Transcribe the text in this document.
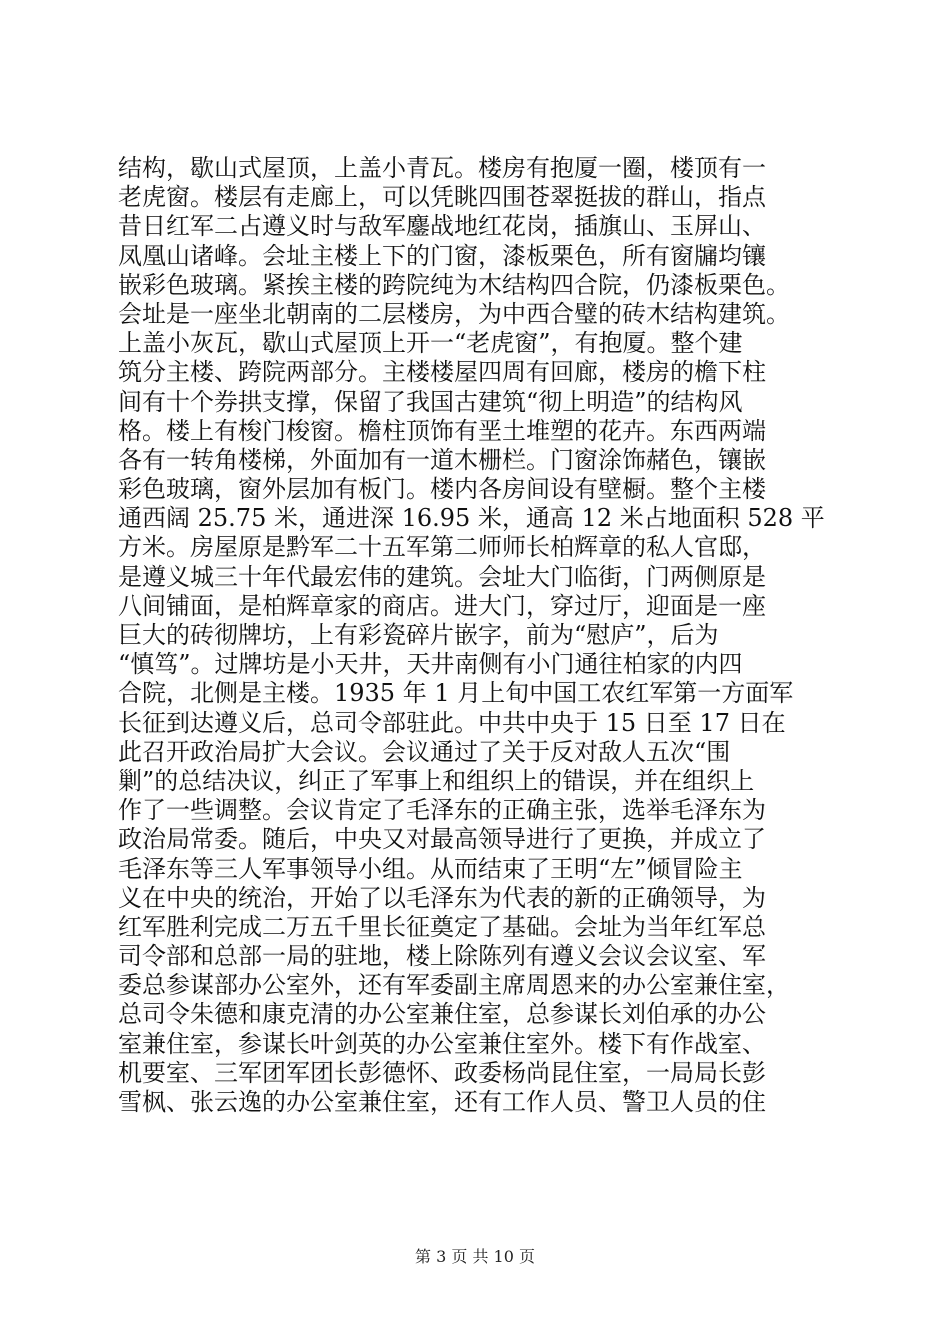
结构，歇山式屋顶，上盖小青瓦。楼房有抱厦一圈，楼顶有一
老虎窗。楼层有走廊上，可以凭眺四围苍翠挺拔的群山，指点
昔日红军二占遵义时与敌军鏖战地红花岗，插旗山、玉屏山、
凤凰山诸峰。会址主楼上下的门窗，漆板栗色，所有窗牖均镶
嵌彩色玻璃。紧挨主楼的跨院纯为木结构四合院，仍漆板栗色。
会址是一座坐北朝南的二层楼房，为中西合璧的砖木结构建筑。
上盖小灰瓦，歇山式屋顶上开一“老虎窗”，有抱厦。整个建
筑分主楼、跨院两部分。主楼楼屋四周有回廊，楼房的檐下柱
间有十个券拱支撑，保留了我国古建筑“彻上明造”的结构风
格。楼上有梭门梭窗。檐柱顶饰有垩土堆塑的花卉。东西两端
各有一转角楼梯，外面加有一道木栅栏。门窗涂饰赭色，镶嵌
彩色玻璃，窗外层加有板门。楼内各房间设有壁橱。整个主楼
通西阔 25.75 米，通进深 16.95 米，通高 12 米占地面积 528 平
方米。房屋原是黔军二十五军第二师师长柏辉章的私人官邸，
是遵义城三十年代最宏伟的建筑。会址大门临街，门两侧原是
八间铺面，是柏辉章家的商店。进大门，穿过厅，迎面是一座
巨大的砖彻牌坊，上有彩瓷碎片嵌字，前为“慰庐”，后为
“慎笃”。过牌坊是小天井，天井南侧有小门通往柏家的内四
合院，北侧是主楼。1935 年 1 月上旬中国工农红军第一方面军
长征到达遵义后，总司令部驻此。中共中央于 15 日至 17 日在
此召开政治局扩大会议。会议通过了关于反对敌人五次“围
剿”的总结决议，纠正了军事上和组织上的错误，并在组织上
作了一些调整。会议肯定了毛泽东的正确主张，选举毛泽东为
政治局常委。随后，中央又对最高领导进行了更换，并成立了
毛泽东等三人军事领导小组。从而结束了王明“左”倾冒险主
义在中央的统治，开始了以毛泽东为代表的新的正确领导，为
红军胜利完成二万五千里长征奠定了基础。会址为当年红军总
司令部和总部一局的驻地，楼上除陈列有遵义会议会议室、军
委总参谋部办公室外，还有军委副主席周恩来的办公室兼住室，
总司令朱德和康克清的办公室兼住室，总参谋长刘伯承的办公
室兼住室，参谋长叶剑英的办公室兼住室外。楼下有作战室、
机要室、三军团军团长彭德怀、政委杨尚昆住室，一局局长彭
雪枫、张云逸的办公室兼住室，还有工作人员、警卫人员的住
第 3 页 共 10 页
